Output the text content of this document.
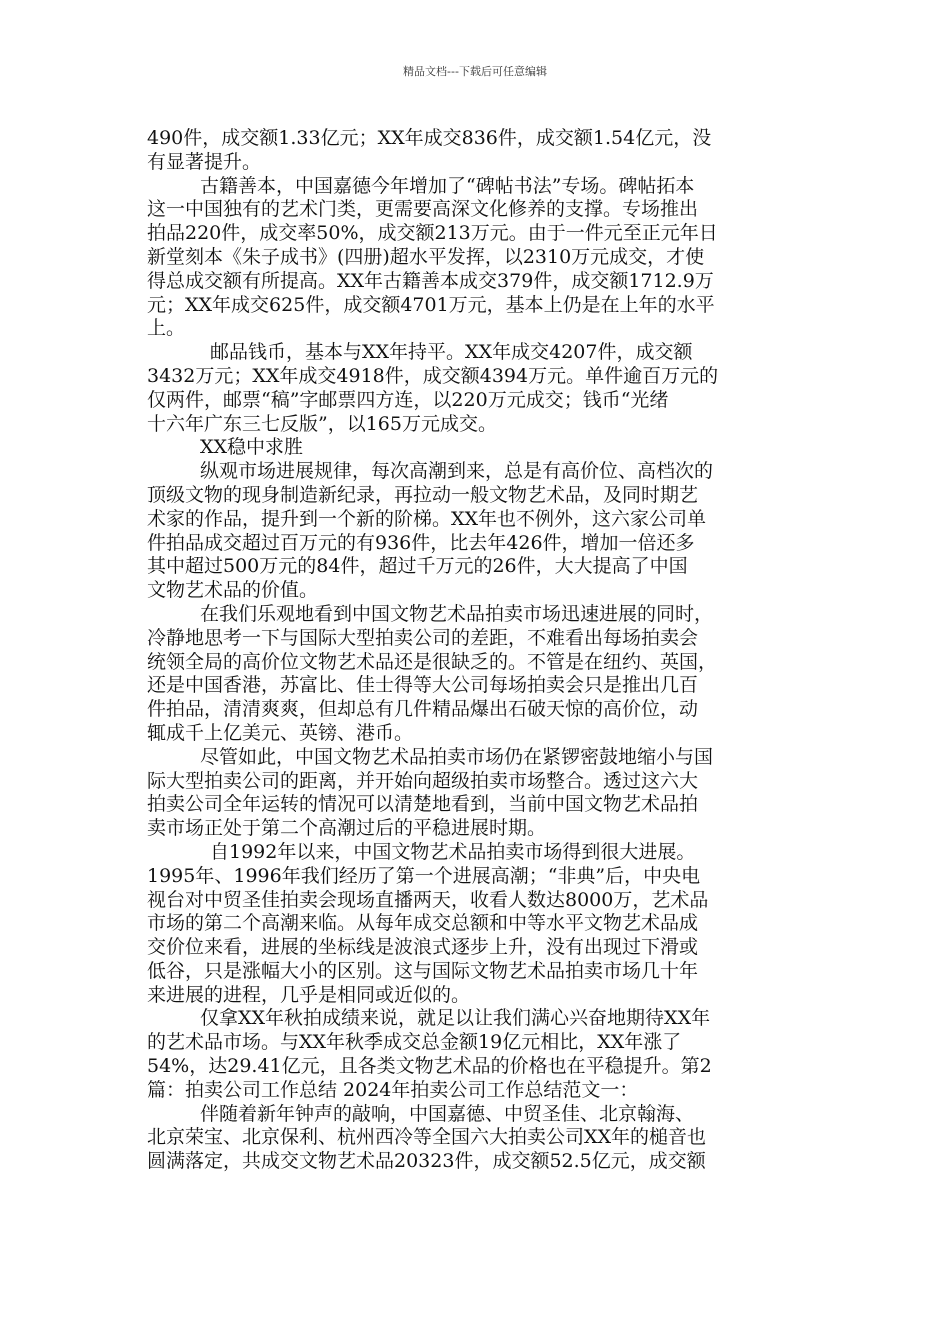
精品文档---下载后可任意编辑
490件，成交额1.33亿元；XX年成交836件，成交额1.54亿元，没
有显著提升。
古籍善本，中国嘉德今年增加了“碑帖书法”专场。碑帖拓本
这一中国独有的艺术门类，更需要高深文化修养的支撑。专场推出
拍品220件，成交率50%，成交额213万元。由于一件元至正元年日
新堂刻本《朱子成书》(四册)超水平发挥，以2310万元成交，才使
得总成交额有所提高。XX年古籍善本成交379件，成交额1712.9万
元；XX年成交625件，成交额4701万元，基本上仍是在上年的水平
上。
邮品钱币，基本与XX年持平。XX年成交4207件，成交额
3432万元；XX年成交4918件，成交额4394万元。单件逾百万元的
仅两件，邮票“稿”字邮票四方连，以220万元成交；钱币“光绪
十六年广东三七反版”，以165万元成交。
XX稳中求胜
纵观市场进展规律，每次高潮到来，总是有高价位、高档次的
顶级文物的现身制造新纪录，再拉动一般文物艺术品，及同时期艺
术家的作品，提升到一个新的阶梯。XX年也不例外，这六家公司单
件拍品成交超过百万元的有936件，比去年426件，增加一倍还多
其中超过500万元的84件，超过千万元的26件，大大提高了中国
文物艺术品的价值。
在我们乐观地看到中国文物艺术品拍卖市场迅速进展的同时，
冷静地思考一下与国际大型拍卖公司的差距，不难看出每场拍卖会
统领全局的高价位文物艺术品还是很缺乏的。不管是在纽约、英国，
还是中国香港，苏富比、佳士得等大公司每场拍卖会只是推出几百
件拍品，清清爽爽，但却总有几件精品爆出石破天惊的高价位，动
辄成千上亿美元、英镑、港币。
尽管如此，中国文物艺术品拍卖市场仍在紧锣密鼓地缩小与国
际大型拍卖公司的距离，并开始向超级拍卖市场整合。透过这六大
拍卖公司全年运转的情况可以清楚地看到，当前中国文物艺术品拍
卖市场正处于第二个高潮过后的平稳进展时期。
自1992年以来，中国文物艺术品拍卖市场得到很大进展。
1995年、1996年我们经历了第一个进展高潮；“非典”后，中央电
视台对中贸圣佳拍卖会现场直播两天，收看人数达8000万，艺术品
市场的第二个高潮来临。从每年成交总额和中等水平文物艺术品成
交价位来看，进展的坐标线是波浪式逐步上升，没有出现过下滑或
低谷，只是涨幅大小的区别。这与国际文物艺术品拍卖市场几十年
来进展的进程，几乎是相同或近似的。
仅拿XX年秋拍成绩来说，就足以让我们满心兴奋地期待XX年
的艺术品市场。与XX年秋季成交总金额19亿元相比，XX年涨了
54%，达29.41亿元，且各类文物艺术品的价格也在平稳提升。第2
篇：拍卖公司工作总结 2024年拍卖公司工作总结范文一：
伴随着新年钟声的敲响，中国嘉德、中贸圣佳、北京翰海、
北京荣宝、北京保利、杭州西冷等全国六大拍卖公司XX年的槌音也
圆满落定，共成交文物艺术品20323件，成交额52.5亿元，成交额
